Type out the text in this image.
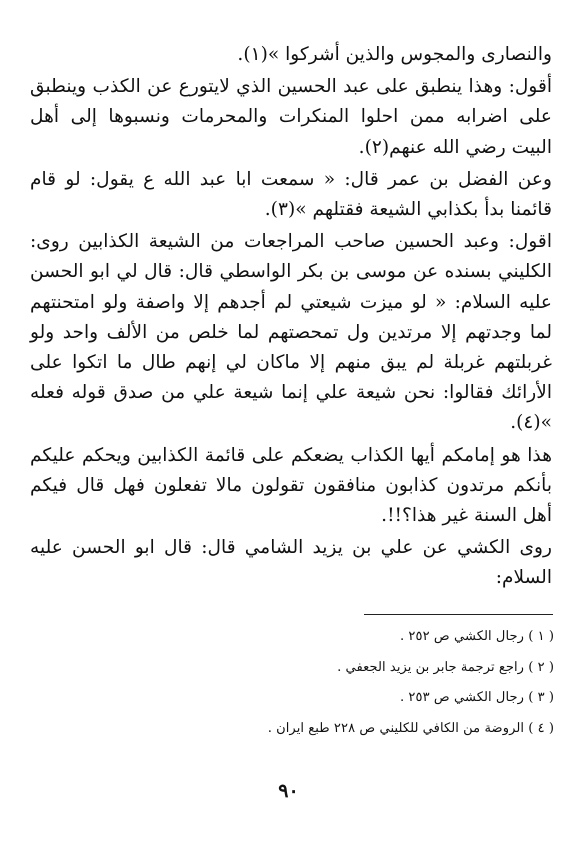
والنصارى والمجوس والذين أشركوا »(١).

أقول: وهذا ينطبق على عبد الحسين الذي لايتورع عن الكذب وينطبق على اضرابه ممن احلوا المنكرات والمحرمات ونسبوها إلى أهل البيت رضي الله عنهم(٢).

وعن الفضل بن عمر قال: « سمعت ابا عبد الله ع يقول: لو قام قائمنا بدأ بكذابي الشيعة فقتلهم »(٣).

اقول: وعبد الحسين صاحب المراجعات من الشيعة الكذابين روى: الكليني بسنده عن موسى بن بكر الواسطي قال: قال لي ابو الحسن عليه السلام: « لو ميزت شيعتي لم أجدهم إلا واصفة ولو امتحنتهم لما وجدتهم إلا مرتدين ول تمحصتهم لما خلص من الألف واحد ولو غربلتهم غربلة لم يبق منهم إلا ماكان لي إنهم طال ما اتكوا على الأرائك فقالوا: نحن شيعة علي إنما شيعة علي من صدق قوله فعله »(٤).

هذا هو إمامكم أيها الكذاب يضعكم على قائمة الكذابين ويحكم عليكم بأنكم مرتدون كذابون منافقون تقولون مالا تفعلون فهل قال فيكم أهل السنة غير هذا؟!!.

روى الكشي عن علي بن يزيد الشامي قال: قال ابو الحسن عليه السلام:

( ١ ) رجال الكشي ص ٢٥٢ .
( ٢ ) راجع ترجمة جابر بن يزيد الجعفي .
( ٣ ) رجال الكشي ص ٢٥٣ .
( ٤ ) الروضة من الكافي للكليني ص ٢٢٨ طبع ايران .
٩٠
